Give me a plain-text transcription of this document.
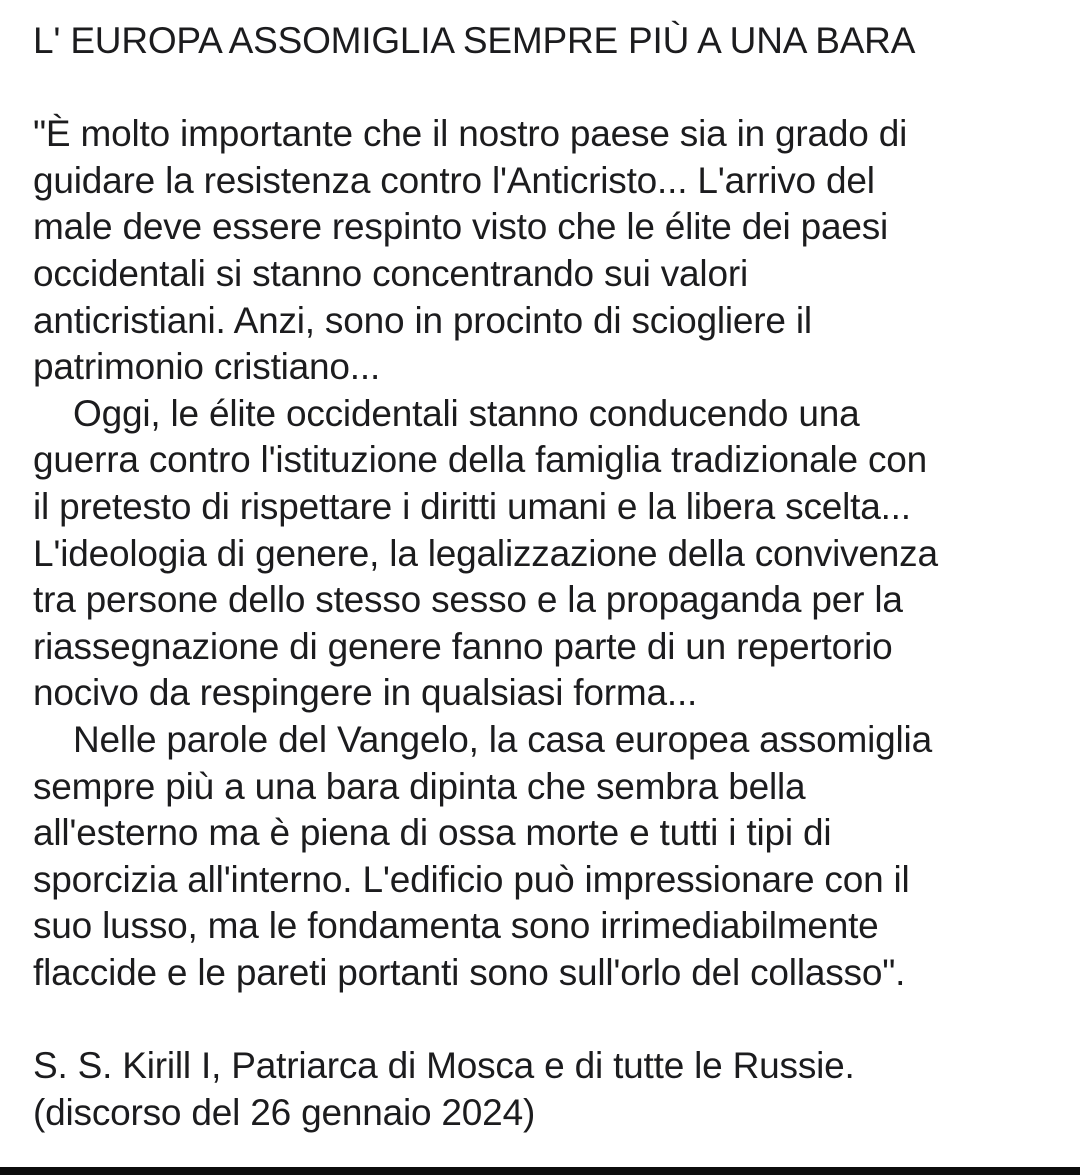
L' EUROPA ASSOMIGLIA SEMPRE PIÙ A UNA BARA
"È molto importante che il nostro paese sia in grado di
guidare la resistenza contro l'Anticristo... L'arrivo del
male deve essere respinto visto che le élite dei paesi
occidentali si stanno concentrando sui valori
anticristiani. Anzi, sono in procinto di sciogliere il
patrimonio cristiano...
Oggi, le élite occidentali stanno conducendo una
guerra contro l'istituzione della famiglia tradizionale con
il pretesto di rispettare i diritti umani e la libera scelta...
L'ideologia di genere, la legalizzazione della convivenza
tra persone dello stesso sesso e la propaganda per la
riassegnazione di genere fanno parte di un repertorio
nocivo da respingere in qualsiasi forma...
Nelle parole del Vangelo, la casa europea assomiglia
sempre più a una bara dipinta che sembra bella
all'esterno ma è piena di ossa morte e tutti i tipi di
sporcizia all'interno. L'edificio può impressionare con il
suo lusso, ma le fondamenta sono irrimediabilmente
flaccide e le pareti portanti sono sull'orlo del collasso".
S. S. Kirill I, Patriarca di Mosca e di tutte le Russie.
(discorso del 26 gennaio 2024)
